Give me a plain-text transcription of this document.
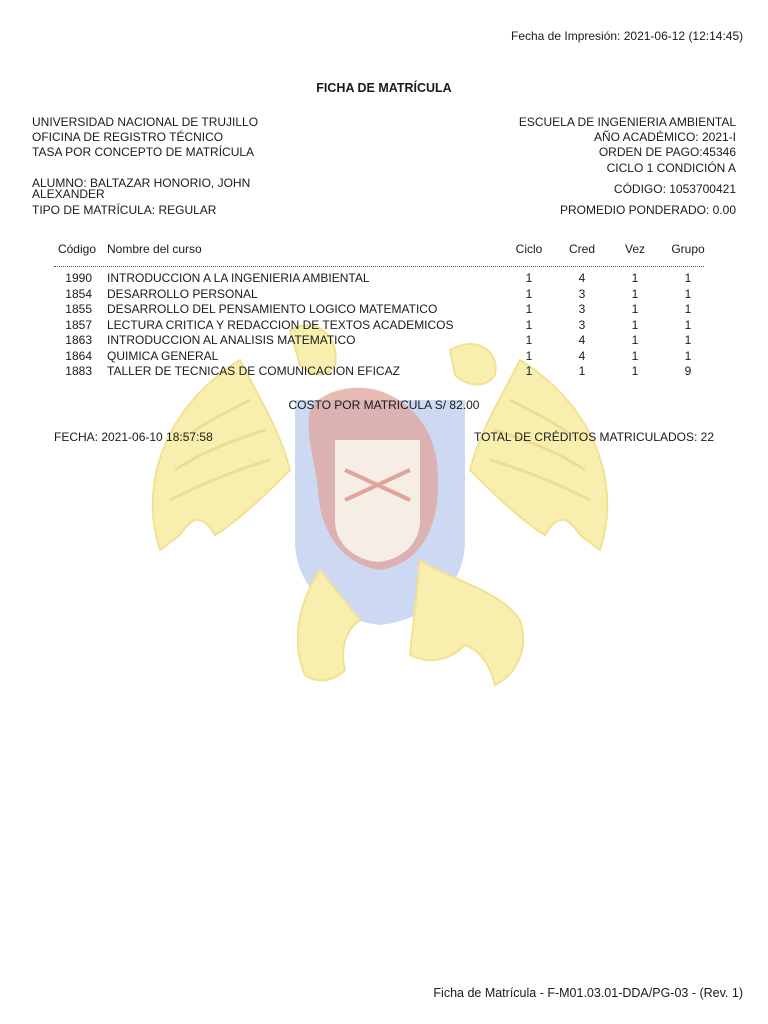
Fecha de Impresión: 2021-06-12 (12:14:45)
FICHA DE MATRÍCULA
UNIVERSIDAD NACIONAL DE TRUJILLO
OFICINA DE REGISTRO TÉCNICO
TASA POR CONCEPTO DE MATRÍCULA
ESCUELA DE INGENIERIA AMBIENTAL
AÑO ACADÉMICO: 2021-I
ORDEN DE PAGO:45346
CICLO 1 CONDICIÓN A
ALUMNO: BALTAZAR HONORIO, JOHN
ALEXANDER	CÓDIGO: 1053700421
TIPO DE MATRÍCULA: REGULAR	PROMEDIO PONDERADO: 0.00
Código Nombre del curso	Ciclo Cred	Vez	Grupo
1990 INTRODUCCION A LA INGENIERIA AMBIENTAL	1	4	1	1
1854 DESARROLLO PERSONAL	1	3	1	1
1855 DESARROLLO DEL PENSAMIENTO LOGICO MATEMATICO	1	3	1	1
1857 LECTURA CRITICA Y REDACCION DE TEXTOS ACADEMICOS	1	3	1	1
1863 INTRODUCCION AL ANALISIS MATEMATICO	1	4	1	1
1864 QUIMICA GENERAL	1	4	1	1
1883 TALLER DE TECNICAS DE COMUNICACION EFICAZ	1	1	1	9
COSTO POR MATRICULA S/ 82.00
FECHA: 2021-06-10 18:57:58	TOTAL DE CRÉDITOS MATRICULADOS: 22
Ficha de Matrícula - F-M01.03.01-DDA/PG-03 - (Rev. 1)
